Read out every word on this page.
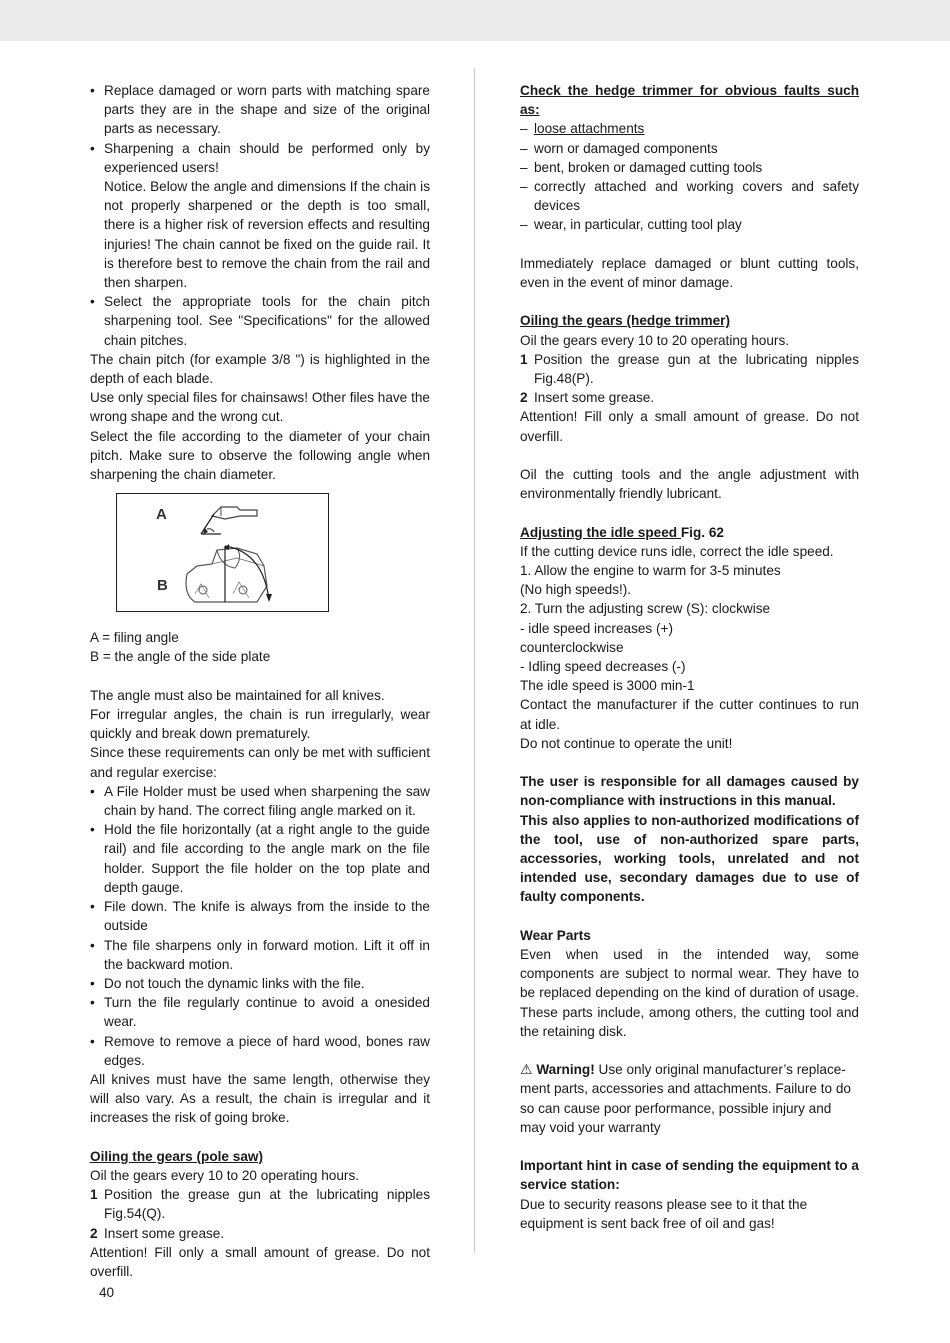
• Replace damaged or worn parts with matching spare parts they are in the shape and size of the original parts as necessary.
• Sharpening a chain should be performed only by experienced users!

Notice. Below the angle and dimensions If the chain is not properly sharpened or the depth is too small, there is a higher risk of reversion effects and resulting injuries! The chain cannot be fixed on the guide rail. It is therefore best to remove the chain from the rail and then sharpen.

• Select the appropriate tools for the chain pitch sharpening tool. See "Specifications" for the allowed chain pitches.

The chain pitch (for example 3/8 ") is highlighted in the depth of each blade.

Use only special files for chainsaws! Other files have the wrong shape and the wrong cut.

Select the file according to the diameter of your chain pitch. Make sure to observe the following angle when sharpening the chain diameter.

A
B

A = filing angle

B = the angle of the side plate

The angle must also be maintained for all knives.

For irregular angles, the chain is run irregularly, wear quickly and break down prematurely.

Since these requirements can only be met with sufficient and regular exercise:

• A File Holder must be used when sharpening the saw chain by hand. The correct filing angle marked on it.
• Hold the file horizontally (at a right angle to the guide rail) and file according to the angle mark on the file holder. Support the file holder on the top plate and depth gauge.
• File down. The knife is always from the inside to the outside
• The file sharpens only in forward motion. Lift it off in the backward motion.
• Do not touch the dynamic links with the file.
• Turn the file regularly continue to avoid a onesided wear.
• Remove to remove a piece of hard wood, bones raw edges.

All knives must have the same length, otherwise they will also vary. As a result, the chain is irregular and it increases the risk of going broke.

Oiling the gears (pole saw)

Oil the gears every 10 to 20 operating hours.

1 Position the grease gun at the lubricating nipples Fig.54(Q).
2 Insert some grease.

Attention! Fill only a small amount of grease. Do not overfill.

Check the hedge trimmer for obvious faults such as:

– loose attachments
– worn or damaged components
– bent, broken or damaged cutting tools
– correctly attached and working covers and safety devices
– wear, in particular, cutting tool play

Immediately replace damaged or blunt cutting tools, even in the event of minor damage.

Oiling the gears (hedge trimmer)

Oil the gears every 10 to 20 operating hours.

1 Position the grease gun at the lubricating nipples Fig.48(P).
2 Insert some grease.

Attention! Fill only a small amount of grease. Do not overfill.

Oil the cutting tools and the angle adjustment with environmentally friendly lubricant.

Adjusting the idle speed Fig. 62

If the cutting device runs idle, correct the idle speed.

1. Allow the engine to warm for 3-5 minutes

(No high speeds!).

2. Turn the adjusting screw (S): clockwise

- idle speed increases (+)

counterclockwise

- Idling speed decreases (-)

The idle speed is 3000 min-1

Contact the manufacturer if the cutter continues to run at idle.

Do not continue to operate the unit!

The user is responsible for all damages caused by non-compliance with instructions in this manual.

This also applies to non-authorized modifications of the tool, use of non-authorized spare parts, accessories, working tools, unrelated and not intended use, secondary damages due to use of faulty components.

Wear Parts

Even when used in the intended way, some components are subject to normal wear. They have to be replaced depending on the kind of duration of usage. These parts include, among others, the cutting tool and the retaining disk.

⚠ Warning! Use only original manufacturer’s replace-ment parts, accessories and attachments. Failure to do so can cause poor performance, possible injury and may void your warranty

Important hint in case of sending the equipment to a service station:

Due to security reasons please see to it that the equipment is sent back free of oil and gas!

40
